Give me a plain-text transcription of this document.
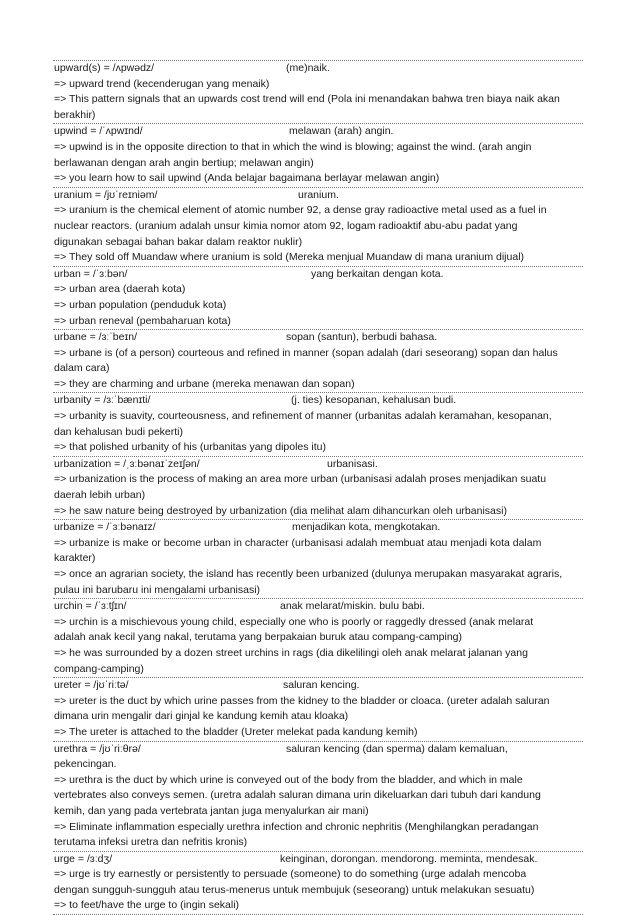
upward(s) = /ʌpwədz/	(me)naik.
=> upward trend (kecenderugan yang menaik)
=> This pattern signals that an upwards cost trend will end (Pola ini menandakan bahwa tren biaya naik akan
berakhir)
upwind = /ˈʌpwɪnd/	melawan (arah) angin.
=> upwind is in the opposite direction to that in which the wind is blowing; against the wind. (arah angin
berlawanan dengan arah angin bertiup; melawan angin)
=> you learn how to sail upwind (Anda belajar bagaimana berlayar melawan angin)
uranium = /jʊˈreɪniəm/	uranium.
=> uranium is the chemical element of atomic number 92, a dense gray radioactive metal used as a fuel in
nuclear reactors. (uranium adalah unsur kimia nomor atom 92, logam radioaktif abu-abu padat yang
digunakan sebagai bahan bakar dalam reaktor nuklir)
=> They sold off Muandaw where uranium is sold (Mereka menjual Muandaw di mana uranium dijual)
urban = /ˈɜːbən/	yang berkaitan dengan kota.
=> urban area (daerah kota)
=> urban population (penduduk kota)
=> urban reneval (pembaharuan kota)
urbane = /ɜːˈbeɪn/	sopan (santun), berbudi bahasa.
=> urbane is (of a person) courteous and refined in manner (sopan adalah (dari seseorang) sopan dan halus
dalam cara)
=> they are charming and urbane (mereka menawan dan sopan)
urbanity = /ɜːˈbænɪti/	(j. ties) kesopanan, kehalusan budi.
=> urbanity is suavity, courteousness, and refinement of manner (urbanitas adalah keramahan, kesopanan,
dan kehalusan budi pekerti)
=> that polished urbanity of his (urbanitas yang dipoles itu)
urbanization = /ˌɜːbənaɪˈzeɪʃən/	urbanisasi.
=> urbanization is the process of making an area more urban (urbanisasi adalah proses menjadikan suatu
daerah lebih urban)
=> he saw nature being destroyed by urbanization (dia melihat alam dihancurkan oleh urbanisasi)
urbanize = /ˈɜːbənaɪz/	menjadikan kota, mengkotakan.
=> urbanize is make or become urban in character (urbanisasi adalah membuat atau menjadi kota dalam
karakter)
=> once an agrarian society, the island has recently been urbanized (dulunya merupakan masyarakat agraris,
pulau ini barubaru ini mengalami urbanisasi)
urchin = /ˈɜːtʃɪn/	anak melarat/miskin. bulu babi.
=> urchin is a mischievous young child, especially one who is poorly or raggedly dressed (anak melarat
adalah anak kecil yang nakal, terutama yang berpakaian buruk atau compang-camping)
=> he was surrounded by a dozen street urchins in rags (dia dikelilingi oleh anak melarat jalanan yang
compang-camping)
ureter = /jʊˈriːtə/	saluran kencing.
=> ureter is the duct by which urine passes from the kidney to the bladder or cloaca. (ureter adalah saluran
dimana urin mengalir dari ginjal ke kandung kemih atau kloaka)
=> The ureter is attached to the bladder (Ureter melekat pada kandung kemih)
urethra = /jʊˈriːθrə/	saluran kencing (dan sperma) dalam kemaluan,
pekencingan.
=> urethra is the duct by which urine is conveyed out of the body from the bladder, and which in male
vertebrates also conveys semen. (uretra adalah saluran dimana urin dikeluarkan dari tubuh dari kandung
kemih, dan yang pada vertebrata jantan juga menyalurkan air mani)
=> Eliminate inflammation especially urethra infection and chronic nephritis (Menghilangkan peradangan
terutama infeksi uretra dan nefritis kronis)
urge = /ɜːdʒ/	keinginan, dorongan. mendorong. meminta, mendesak.
=> urge is try earnestly or persistently to persuade (someone) to do something (urge adalah mencoba
dengan sungguh-sungguh atau terus-menerus untuk membujuk (seseorang) untuk melakukan sesuatu)
=> to feet/have the urge to (ingin sekali)
